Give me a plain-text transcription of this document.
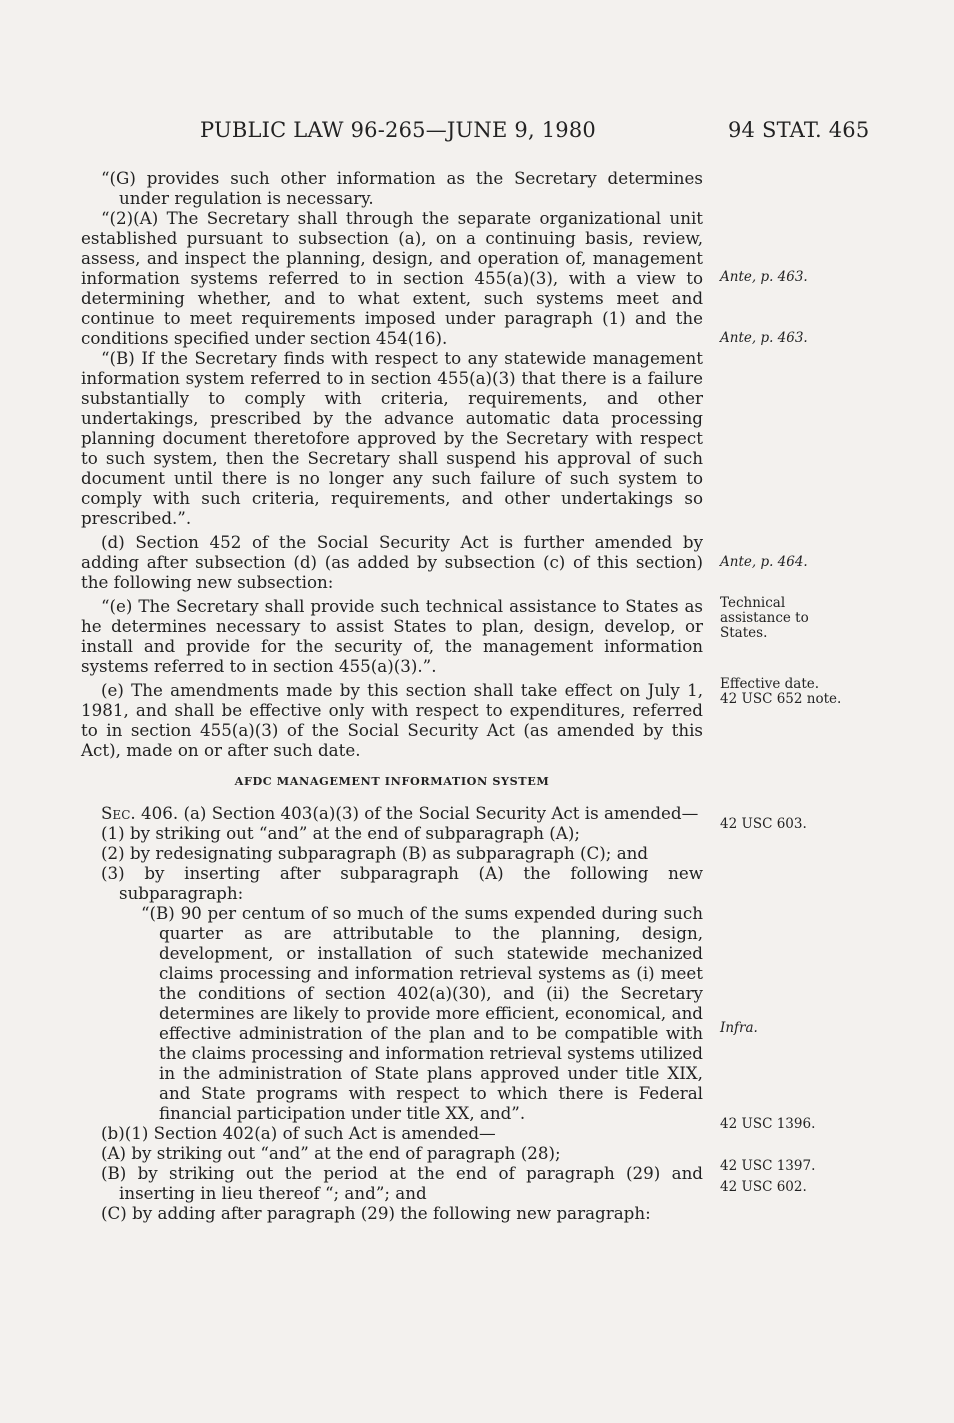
PUBLIC LAW 96-265—JUNE 9, 1980	94 STAT. 465

“(G) provides such other information as the Secretary determines under regulation is necessary.

“(2)(A) The Secretary shall through the separate organizational unit established pursuant to subsection (a), on a continuing basis, review, assess, and inspect the planning, design, and operation of, management information systems referred to in section 455(a)(3), with a view to determining whether, and to what extent, such systems meet and continue to meet requirements imposed under paragraph (1) and the conditions specified under section 454(16).

“(B) If the Secretary finds with respect to any statewide management information system referred to in section 455(a)(3) that there is a failure substantially to comply with criteria, requirements, and other undertakings, prescribed by the advance automatic data processing planning document theretofore approved by the Secretary with respect to such system, then the Secretary shall suspend his approval of such document until there is no longer any such failure of such system to comply with such criteria, requirements, and other undertakings so prescribed.”.

(d) Section 452 of the Social Security Act is further amended by adding after subsection (d) (as added by subsection (c) of this section) the following new subsection:

“(e) The Secretary shall provide such technical assistance to States as he determines necessary to assist States to plan, design, develop, or install and provide for the security of, the management information systems referred to in section 455(a)(3).”.

(e) The amendments made by this section shall take effect on July 1, 1981, and shall be effective only with respect to expenditures, referred to in section 455(a)(3) of the Social Security Act (as amended by this Act), made on or after such date.

AFDC MANAGEMENT INFORMATION SYSTEM

Sec. 406. (a) Section 403(a)(3) of the Social Security Act is amended—

(1) by striking out “and” at the end of subparagraph (A);

(2) by redesignating subparagraph (B) as subparagraph (C); and

(3) by inserting after subparagraph (A) the following new subparagraph:

“(B) 90 per centum of so much of the sums expended during such quarter as are attributable to the planning, design, development, or installation of such statewide mechanized claims processing and information retrieval systems as (i) meet the conditions of section 402(a)(30), and (ii) the Secretary determines are likely to provide more efficient, economical, and effective administration of the plan and to be compatible with the claims processing and information retrieval systems utilized in the administration of State plans approved under title XIX, and State programs with respect to which there is Federal financial participation under title XX, and”.

(b)(1) Section 402(a) of such Act is amended—

(A) by striking out “and” at the end of paragraph (28);

(B) by striking out the period at the end of paragraph (29) and inserting in lieu thereof “; and”; and

(C) by adding after paragraph (29) the following new paragraph:

Ante, p. 463.
Ante, p. 463.
Ante, p. 464.
Technical
assistance to
States.
Effective date.
42 USC 652 note.
42 USC 603.
Infra.
42 USC 1396.
42 USC 1397.
42 USC 602.
